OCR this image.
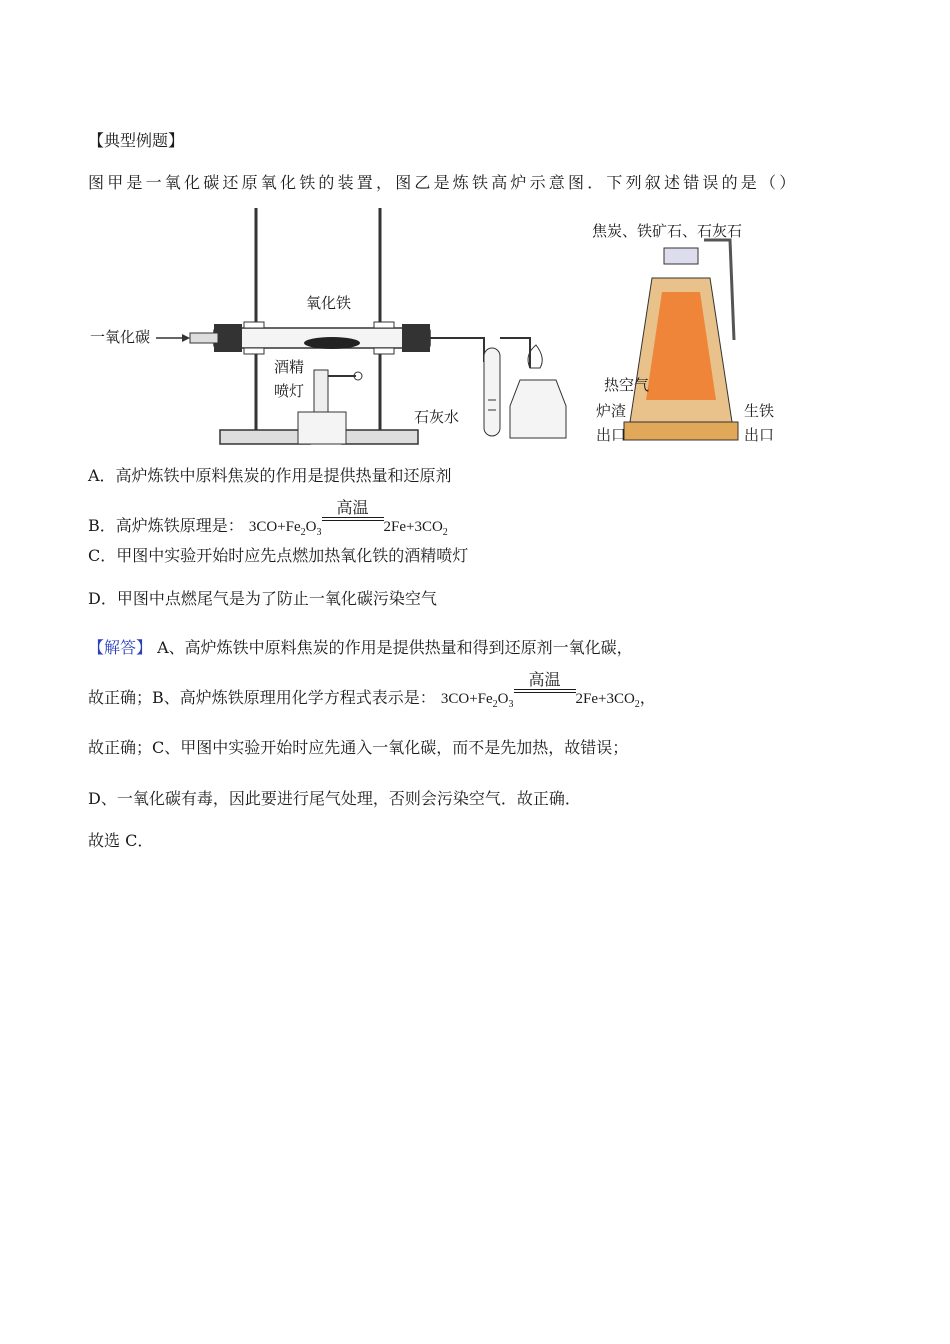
【典型例题】
图甲是一氧化碳还原氧化铁的装置，图乙是炼铁高炉示意图．下列叙述错误的是（）
一氧化碳
氧化铁
酒精
喷灯
石灰水
焦炭、铁矿石、石灰石
热空气
炉渣
出口
生铁
出口
A．高炉炼铁中原料焦炭的作用是提供热量和还原剂
B．高炉炼铁原理是： $3CO+Fe_2O_3$
高温
$2Fe+3CO_2$
C．甲图中实验开始时应先点燃加热氧化铁的酒精喷灯
D．甲图中点燃尾气是为了防止一氧化碳污染空气
【解答】 A、高炉炼铁中原料焦炭的作用是提供热量和得到还原剂一氧化碳，
故正确；B、高炉炼铁原理用化学方程式表示是： $3CO+Fe_2O_3$
高温
$2Fe+3CO_2$，
故正确；C、甲图中实验开始时应先通入一氧化碳，而不是先加热，故错误；
D、一氧化碳有毒，因此要进行尾气处理，否则会污染空气．故正确．
故选 C．
